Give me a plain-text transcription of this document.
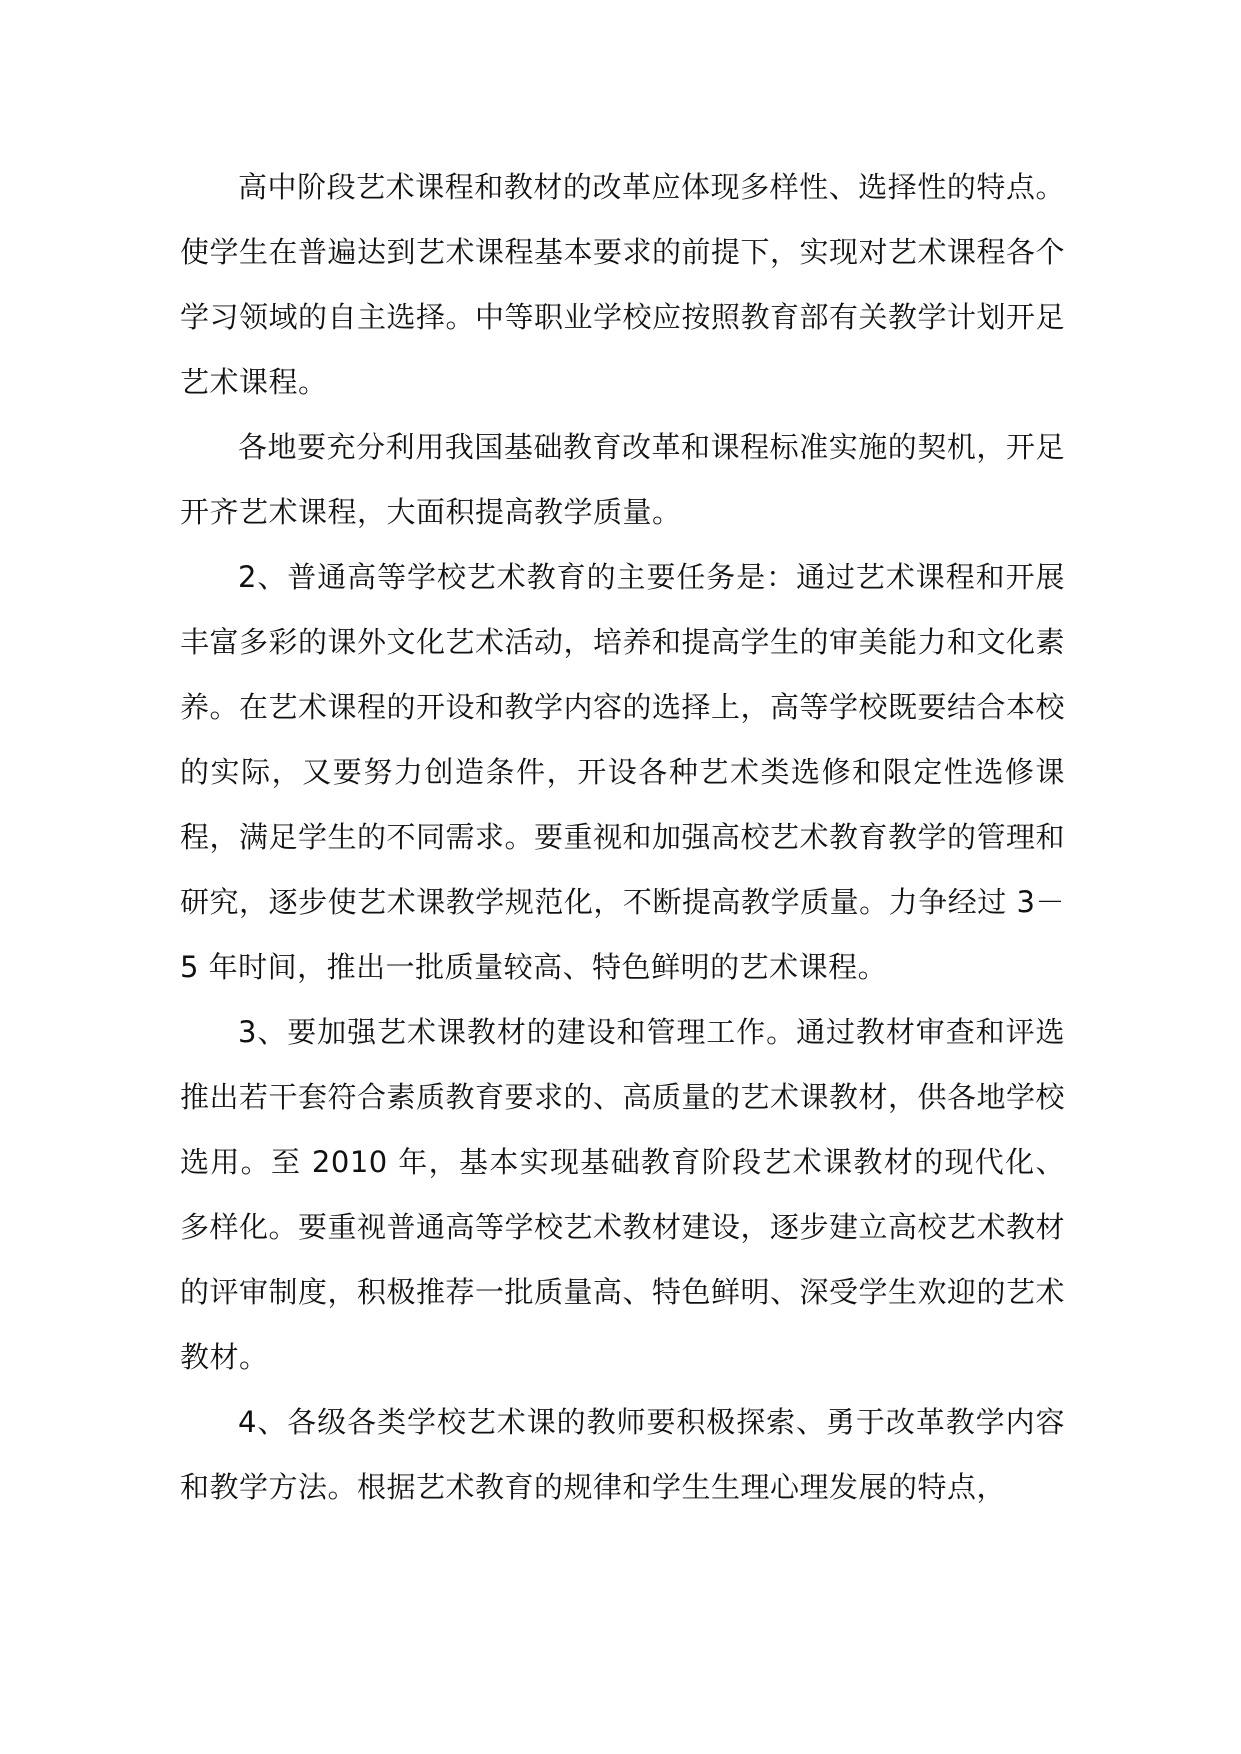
高中阶段艺术课程和教材的改革应体现多样性、选择性的特点。使学生在普遍达到艺术课程基本要求的前提下，实现对艺术课程各个学习领域的自主选择。中等职业学校应按照教育部有关教学计划开足艺术课程。

各地要充分利用我国基础教育改革和课程标准实施的契机，开足开齐艺术课程，大面积提高教学质量。

2、普通高等学校艺术教育的主要任务是：通过艺术课程和开展丰富多彩的课外文化艺术活动，培养和提高学生的审美能力和文化素养。在艺术课程的开设和教学内容的选择上，高等学校既要结合本校的实际，又要努力创造条件，开设各种艺术类选修和限定性选修课程，满足学生的不同需求。要重视和加强高校艺术教育教学的管理和研究，逐步使艺术课教学规范化，不断提高教学质量。力争经过 3－5 年时间，推出一批质量较高、特色鲜明的艺术课程。

3、要加强艺术课教材的建设和管理工作。通过教材审查和评选推出若干套符合素质教育要求的、高质量的艺术课教材，供各地学校选用。至 2010 年，基本实现基础教育阶段艺术课教材的现代化、多样化。要重视普通高等学校艺术教材建设，逐步建立高校艺术教材的评审制度，积极推荐一批质量高、特色鲜明、深受学生欢迎的艺术教材。

4、各级各类学校艺术课的教师要积极探索、勇于改革教学内容和教学方法。根据艺术教育的规律和学生生理心理发展的特点，
